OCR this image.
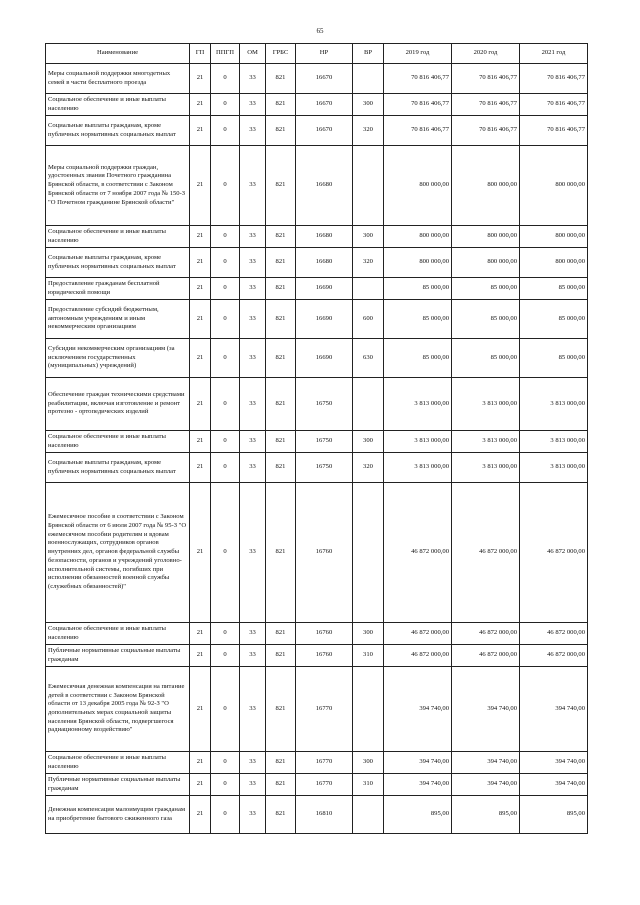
65
Наименование	ГП	ППГП	ОМ	ГРБС	НР	ВР	2019 год	2020 год	2021 год
Меры социальной поддержки многодетных семей в части бесплатного проезда	21	0	33	821	16670		70 816 406,77	70 816 406,77	70 816 406,77
Социальное обеспечение и иные выплаты населению	21	0	33	821	16670	300	70 816 406,77	70 816 406,77	70 816 406,77
Социальные выплаты гражданам, кроме публичных нормативных социальных выплат	21	0	33	821	16670	320	70 816 406,77	70 816 406,77	70 816 406,77
Меры социальной поддержки граждан, удостоенных звания Почетного гражданина Брянской области, в соответствии с Законом Брянской области от 7 ноября 2007 года № 150-З "О Почетном гражданине Брянской области"	21	0	33	821	16680		800 000,00	800 000,00	800 000,00
Социальное обеспечение и иные выплаты населению	21	0	33	821	16680	300	800 000,00	800 000,00	800 000,00
Социальные выплаты гражданам, кроме публичных нормативных социальных выплат	21	0	33	821	16680	320	800 000,00	800 000,00	800 000,00
Предоставление гражданам бесплатной юридической помощи	21	0	33	821	16690		85 000,00	85 000,00	85 000,00
Предоставление субсидий бюджетным, автономным учреждениям и иным некоммерческим организациям	21	0	33	821	16690	600	85 000,00	85 000,00	85 000,00
Субсидии некоммерческим организациям (за исключением государственных (муниципальных) учреждений)	21	0	33	821	16690	630	85 000,00	85 000,00	85 000,00
Обеспечение граждан техническими средствами реабилитации, включая изготовление и ремонт протезно - ортопедических изделий	21	0	33	821	16750		3 813 000,00	3 813 000,00	3 813 000,00
Социальное обеспечение и иные выплаты населению	21	0	33	821	16750	300	3 813 000,00	3 813 000,00	3 813 000,00
Социальные выплаты гражданам, кроме публичных нормативных социальных выплат	21	0	33	821	16750	320	3 813 000,00	3 813 000,00	3 813 000,00
Ежемесячное пособие в соответствии с Законом Брянской области от 6 июля 2007 года № 95-З "О ежемесячном пособии родителям и вдовам военнослужащих, сотрудников органов внутренних дел, органов федеральной службы безопасности, органов и учреждений уголовно-исполнительной системы, погибших при исполнении обязанностей военной службы (служебных обязанностей)"	21	0	33	821	16760		46 872 000,00	46 872 000,00	46 872 000,00
Социальное обеспечение и иные выплаты населению	21	0	33	821	16760	300	46 872 000,00	46 872 000,00	46 872 000,00
Публичные нормативные социальные выплаты гражданам	21	0	33	821	16760	310	46 872 000,00	46 872 000,00	46 872 000,00
Ежемесячная денежная компенсация на питание детей в соответствии с Законом Брянской области от 13 декабря 2005 года № 92-З "О дополнительных мерах социальной защиты населения Брянской области, подвергшегося радиационному воздействию"	21	0	33	821	16770		394 740,00	394 740,00	394 740,00
Социальное обеспечение и иные выплаты населению	21	0	33	821	16770	300	394 740,00	394 740,00	394 740,00
Публичные нормативные социальные выплаты гражданам	21	0	33	821	16770	310	394 740,00	394 740,00	394 740,00
Денежная компенсация малоимущим гражданам на приобретение бытового сжиженного газа	21	0	33	821	16810		895,00	895,00	895,00
